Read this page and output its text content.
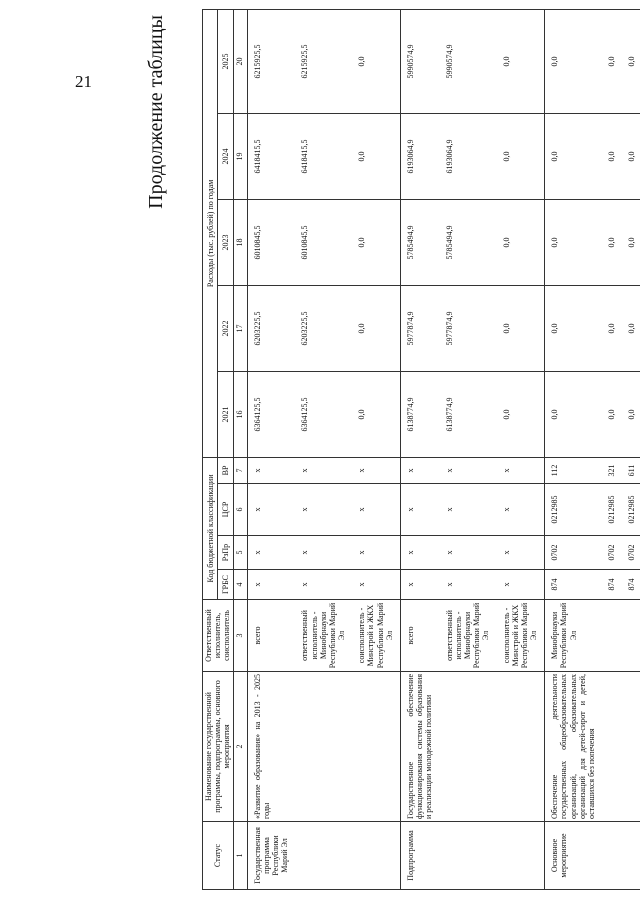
21	Продолжение таблицы
Статус	Наименование государственной программы, подпрограммы, основного мероприятия	Ответственный исполнитель, соисполнитель	Код бюджетной классификации				Расходы (тыс. рублей) по годам				
			ГРБС	РзПр	ЦСР	ВР	2021	2022	2023	2024	2025
1	2	3	4	5	6	7	16	17	18	19	20
Государственная программа Республики Марий Эл	«Развитие образования» на 2013 - 2025 годы	всего	x	x	x	x	6364125,5	6203225,5	6010845,5	6418415,5	6215925,5
		ответственный исполнитель - Минобрнауки Республики Марий Эл	x	x	x	x	6364125,5	6203225,5	6010845,5	6418415,5	6215925,5
		соисполнитель - Минстрой и ЖКХ Республики Марий Эл	x	x	x	x	0,0	0,0	0,0	0,0	0,0
Подпрограмма	Государственное обеспечение функционирования системы образования и реализации молодежной политики	всего	x	x	x	x	6138774,9	5977874,9	5785494,9	6193064,9	5990574,9
		ответственный исполнитель - Минобрнауки Республики Марий Эл	x	x	x	x	6138774,9	5977874,9	5785494,9	6193064,9	5990574,9
		соисполнитель - Минстрой и ЖКХ Республики Марий Эл	x	x	x	x	0,0	0,0	0,0	0,0	0,0
Основное мероприятие	Обеспечение деятельности государственных общеобразовательных организаций, образовательных организаций для детей-сирот и детей, оставшихся без попечения	Минобрнауки Республики Марий Эл	874	0702	0212985	112	0,0	0,0	0,0	0,0	0,0
			874	0702	0212985	321	0,0	0,0	0,0	0,0	0,0
			874	0702	0212985	611	0,0	0,0	0,0	0,0	0,0
